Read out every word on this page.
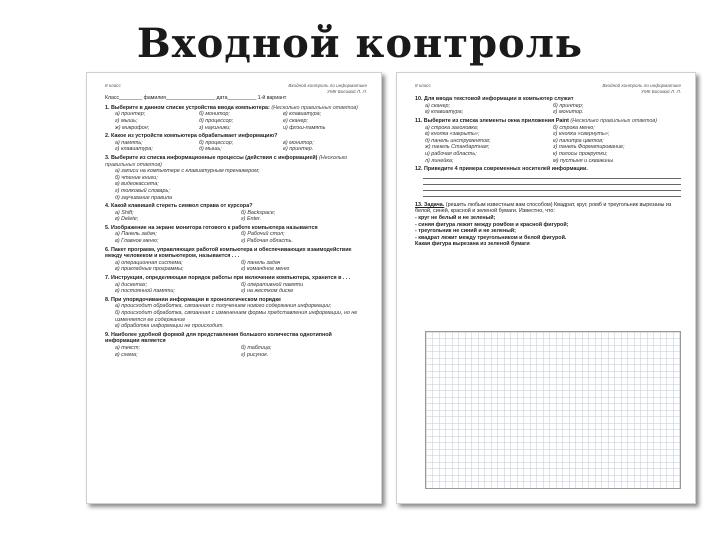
Входной контроль
8 класс	Входной контроль по информатике
УМК Босовой Л. Л.
Класс________ фамилия_________________ дата__________ 1-й вариант
1. Выберите в данном списке устройства ввода компьютера: (Несколько правильных ответов)
а) принтер;	б) монитор;	в) клавиатура;
г) мышь;	д) процессор;	е) сканер;
ж) микрофон;	з) наушники;	и) флэш-память
2. Какое из устройств компьютера обрабатывает информацию?
а) память;	б) процессор;	в) монитор;
г) клавиатура;	д) мышь;	е) принтер.
3. Выберите из списка информационные процессы (действия с информацией) (Несколько правильных ответов)
а) записи на компьютере с клавиатурным тренажером;
б) чтение книги;
в) видеокассета;
г) толковый словарь;
д) заучивание правила
4. Какой клавишей стереть символ справа от курсора?
а) Shift;	б) Backspace;
в) Delete;	г) Enter.
5. Изображение на экране монитора готового к работе компьютера называется
а) Панель задач;	б) Рабочий стол;
в) Главное меню;	г) Рабочая область.
6. Пакет программ, управляющих работой компьютера и обеспечивающих взаимодействие между человеком и компьютером, называется . . .
а) операционная система;	б) панель задач
в) прикладные программы;	г) командное меню
7. Инструкция, определяющая порядок работы при включении компьютера, хранится в . . .
а) дискетах;	б) оперативной памяти
в) постоянной памяти;	г) на жестком диске
8. При упорядочивании информации в хронологическом порядке
а) происходит обработка, связанная с получением нового содержания информации;
б) происходит обработка, связанная с изменением формы представления информации, но не изменяется ее содержание
в) обработка информации не происходит.
9. Наиболее удобной формой для представления большого количества однотипной информации является
а) текст;	б) таблица;
в) схема;	г) рисунок.
8 класс	Входной контроль по информатике
УМК Босовой Л. Л.
10. Для ввода текстовой информации в компьютер служит
а) сканер;	б) принтер;
в) клавиатура;	г) монитор.
11. Выберите из списка элементы окна приложения Paint (Несколько правильных ответов)
а) строка заголовка;	б) строка меню;
в) кнопка «закрыть»;	г) кнопка «свернуть»;
д) панель инструментов;	е) палитра цветов;
ж) панель Стандартная;	з) панель Форматирование;
и) рабочая область;	к) полосы прокрутки;
л) линейка;	м) пустыня и скважины
12. Приведите 4 примера современных носителей информации.
13. Задача. (решить любым известным вам способом) Квадрат, круг, ромб и треугольник вырезаны из белой, синей, красной и зеленой бумаги. Известно, что:
- круг не белый и не зеленый;
- синяя фигура лежит между ромбом и красной фигурой;
- треугольник не синий и не зеленый;
- квадрат лежит между треугольником и белой фигурой.
Какая фигура вырезана из зеленой бумаги
